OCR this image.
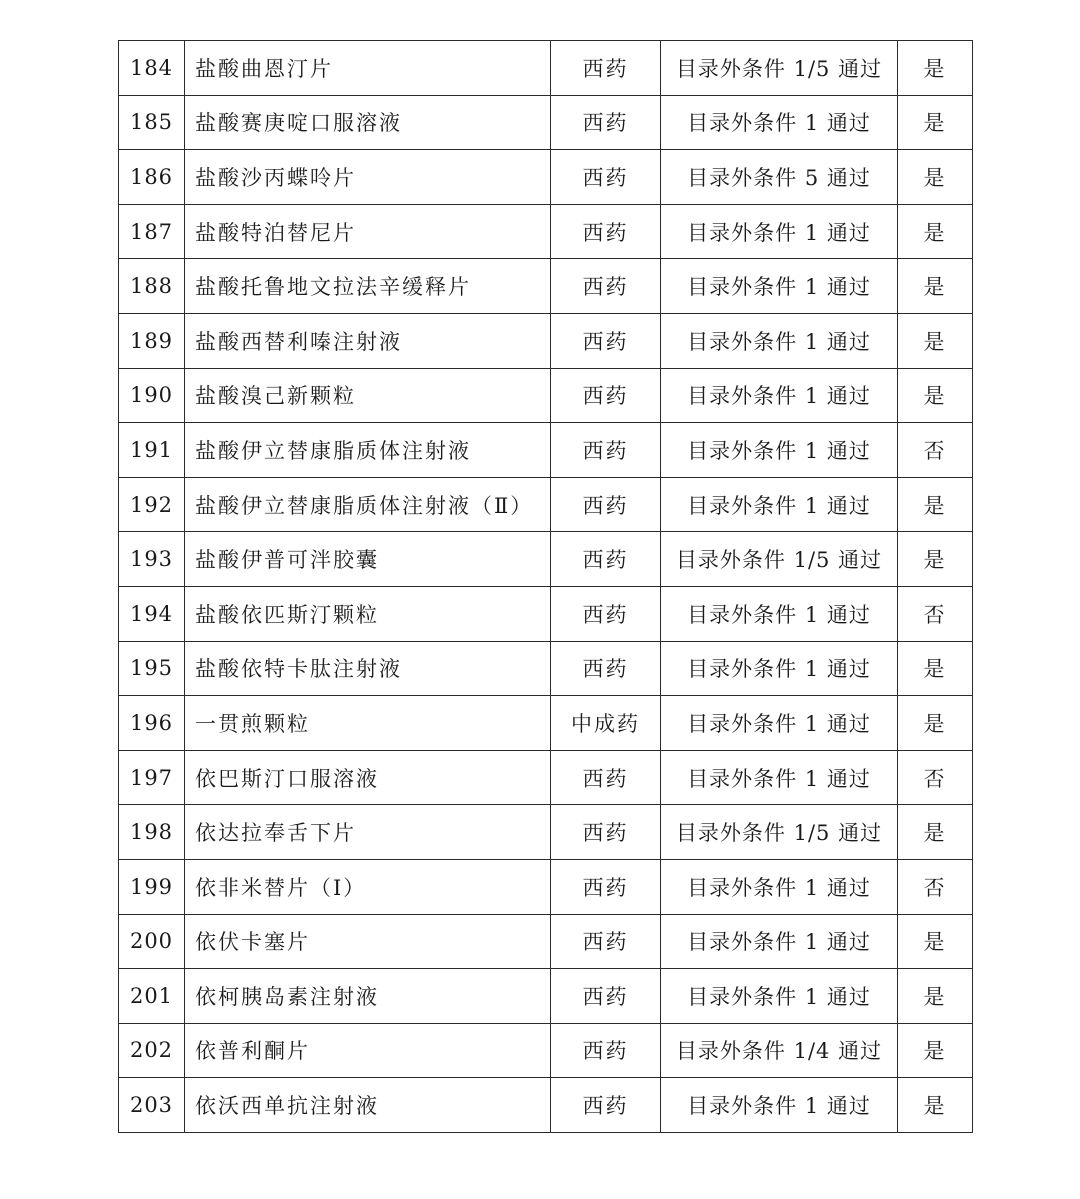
184	盐酸曲恩汀片	西药	目录外条件 1/5 通过	是
185	盐酸赛庚啶口服溶液	西药	目录外条件 1 通过	是
186	盐酸沙丙蝶呤片	西药	目录外条件 5 通过	是
187	盐酸特泊替尼片	西药	目录外条件 1 通过	是
188	盐酸托鲁地文拉法辛缓释片	西药	目录外条件 1 通过	是
189	盐酸西替利嗪注射液	西药	目录外条件 1 通过	是
190	盐酸溴己新颗粒	西药	目录外条件 1 通过	是
191	盐酸伊立替康脂质体注射液	西药	目录外条件 1 通过	否
192	盐酸伊立替康脂质体注射液（Ⅱ）	西药	目录外条件 1 通过	是
193	盐酸伊普可泮胶囊	西药	目录外条件 1/5 通过	是
194	盐酸依匹斯汀颗粒	西药	目录外条件 1 通过	否
195	盐酸依特卡肽注射液	西药	目录外条件 1 通过	是
196	一贯煎颗粒	中成药	目录外条件 1 通过	是
197	依巴斯汀口服溶液	西药	目录外条件 1 通过	否
198	依达拉奉舌下片	西药	目录外条件 1/5 通过	是
199	依非米替片（Ⅰ）	西药	目录外条件 1 通过	否
200	依伏卡塞片	西药	目录外条件 1 通过	是
201	依柯胰岛素注射液	西药	目录外条件 1 通过	是
202	依普利酮片	西药	目录外条件 1/4 通过	是
203	依沃西单抗注射液	西药	目录外条件 1 通过	是
